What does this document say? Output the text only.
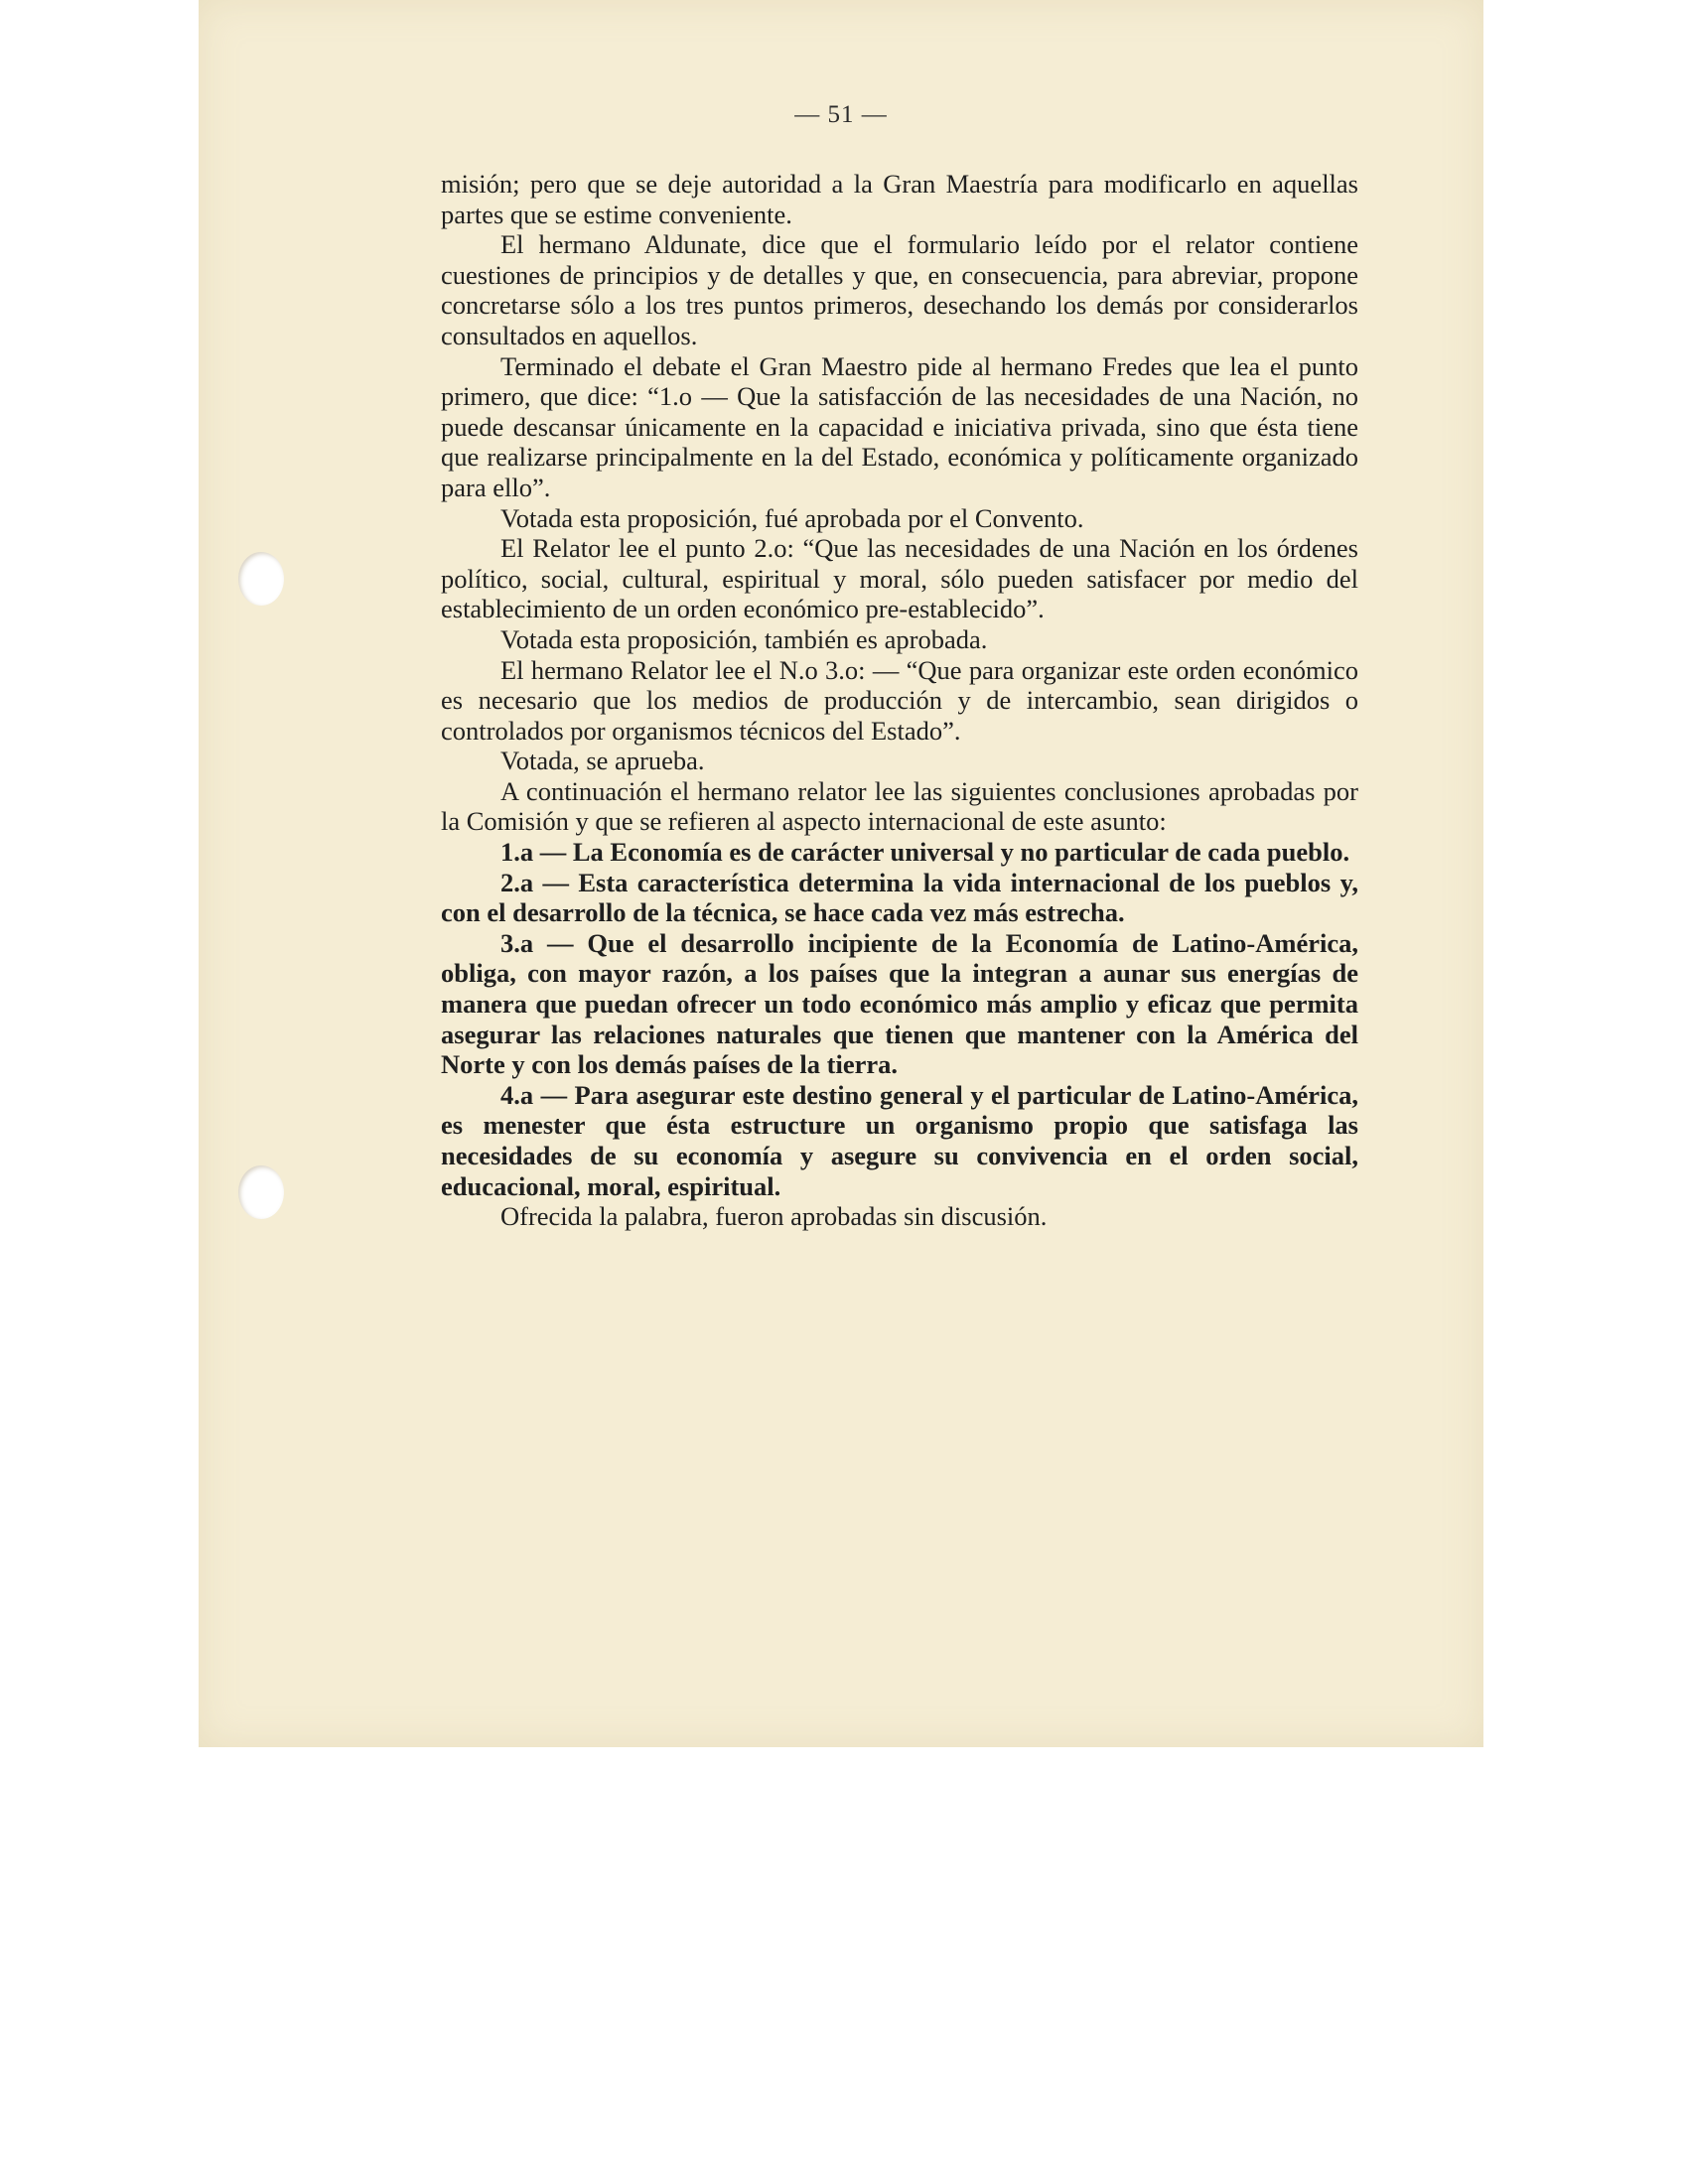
— 51 —

misión; pero que se deje autoridad a la Gran Maestría para modificarlo en aquellas partes que se estime conveniente.

El hermano Aldunate, dice que el formulario leído por el relator contiene cuestiones de principios y de detalles y que, en consecuencia, para abreviar, propone concretarse sólo a los tres puntos primeros, desechando los demás por considerarlos consultados en aquellos.

Terminado el debate el Gran Maestro pide al hermano Fredes que lea el punto primero, que dice: “1.o — Que la satisfacción de las necesidades de una Nación, no puede descansar únicamente en la capacidad e iniciativa privada, sino que ésta tiene que realizarse principalmente en la del Estado, económica y políticamente organizado para ello”.

Votada esta proposición, fué aprobada por el Convento.

El Relator lee el punto 2.o: “Que las necesidades de una Nación en los órdenes político, social, cultural, espiritual y moral, sólo pueden satisfacer por medio del establecimiento de un orden económico pre-establecido”.

Votada esta proposición, también es aprobada.

El hermano Relator lee el N.o 3.o: — “Que para organizar este orden económico es necesario que los medios de producción y de intercambio, sean dirigidos o controlados por organismos técnicos del Estado”.

Votada, se aprueba.

A continuación el hermano relator lee las siguientes conclusiones aprobadas por la Comisión y que se refieren al aspecto internacional de este asunto:

1.a — La Economía es de carácter universal y no particular de cada pueblo.

2.a — Esta característica determina la vida internacional de los pueblos y, con el desarrollo de la técnica, se hace cada vez más estrecha.

3.a — Que el desarrollo incipiente de la Economía de Latino-América, obliga, con mayor razón, a los países que la integran a aunar sus energías de manera que puedan ofrecer un todo económico más amplio y eficaz que permita asegurar las relaciones naturales que tienen que mantener con la América del Norte y con los demás países de la tierra.

4.a — Para asegurar este destino general y el particular de Latino-América, es menester que ésta estructure un organismo propio que satisfaga las necesidades de su economía y asegure su convivencia en el orden social, educacional, moral, espiritual.

Ofrecida la palabra, fueron aprobadas sin discusión.
